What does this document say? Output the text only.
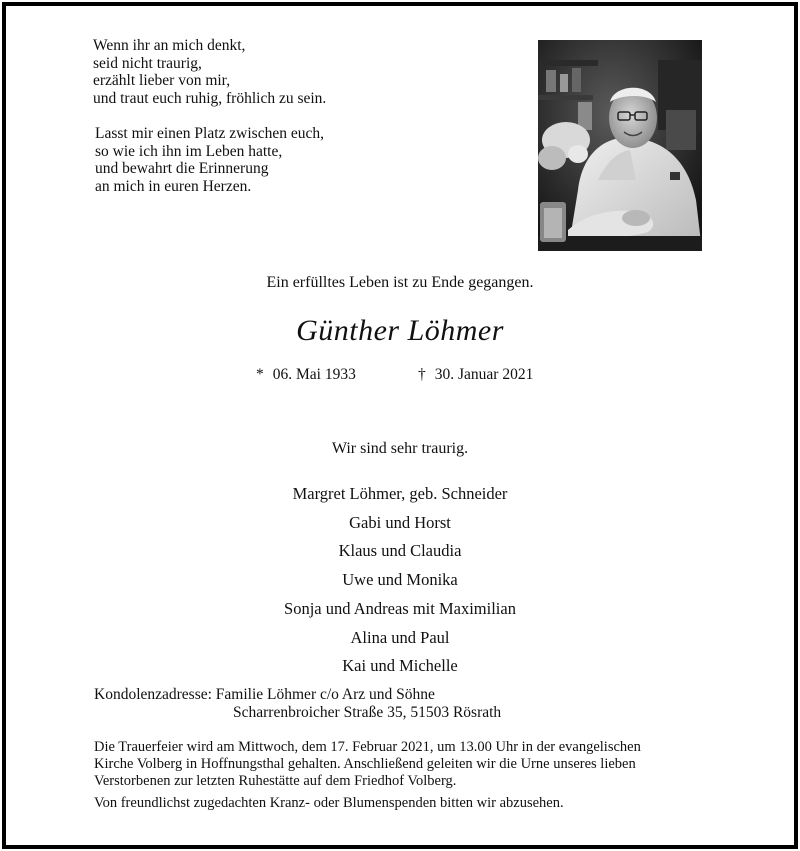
Wenn ihr an mich denkt,
seid nicht traurig,
erzählt lieber von mir,
und traut euch ruhig, fröhlich zu sein.
Lasst mir einen Platz zwischen euch,
so wie ich ihn im Leben hatte,
und bewahrt die Erinnerung
an mich in euren Herzen.
Ein erfülltes Leben ist zu Ende gegangen.
Günther Löhmer
* 06. Mai 1933	† 30. Januar 2021
Wir sind sehr traurig.
Margret Löhmer, geb. Schneider
Gabi und Horst
Klaus und Claudia
Uwe und Monika
Sonja und Andreas mit Maximilian
Alina und Paul
Kai und Michelle
Kondolenzadresse: Familie Löhmer c/o Arz und Söhne
Scharrenbroicher Straße 35, 51503 Rösrath
Die Trauerfeier wird am Mittwoch, dem 17. Februar 2021, um 13.00 Uhr in der evangelischen
Kirche Volberg in Hoffnungsthal gehalten. Anschließend geleiten wir die Urne unseres lieben
Verstorbenen zur letzten Ruhestätte auf dem Friedhof Volberg.
Von freundlichst zugedachten Kranz- oder Blumenspenden bitten wir abzusehen.
